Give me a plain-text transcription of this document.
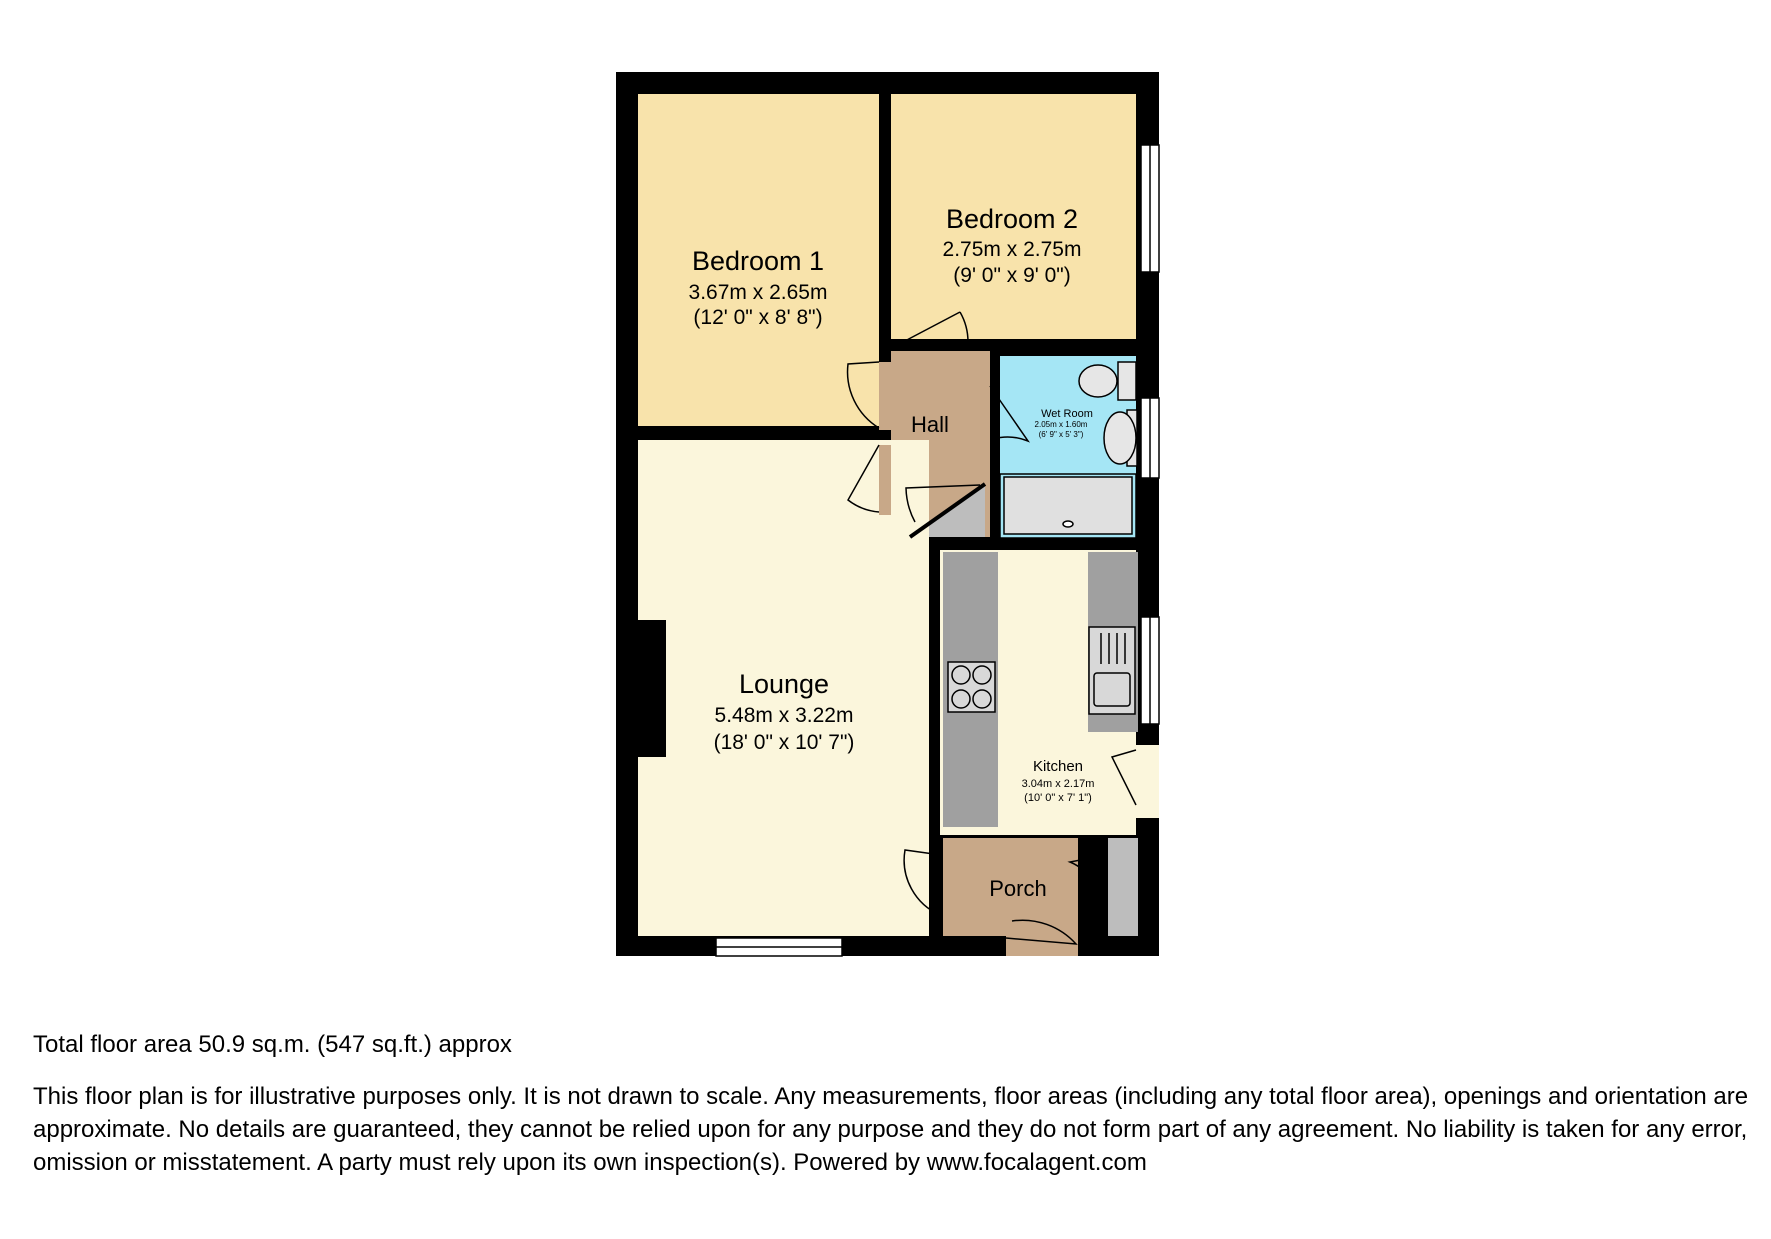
Bedroom 1
3.67m x 2.65m
(12' 0" x 8' 8")
Bedroom 2
2.75m x 2.75m
(9' 0" x 9' 0")
Hall	Wet Room
2.05m x 1.60m
(6' 9" x 5' 3")
Lounge
5.48m x 3.22m
(18' 0" x 10' 7")
Kitchen
3.04m x 2.17m
(10' 0" x 7' 1")
Porch

Total floor area 50.9 sq.m. (547 sq.ft.) approx

This floor plan is for illustrative purposes only. It is not drawn to scale. Any measurements, floor areas (including any total floor area), openings and orientation are approximate. No details are guaranteed, they cannot be relied upon for any purpose and they do not form part of any agreement. No liability is taken for any error, omission or misstatement. A party must rely upon its own inspection(s). Powered by www.focalagent.com
